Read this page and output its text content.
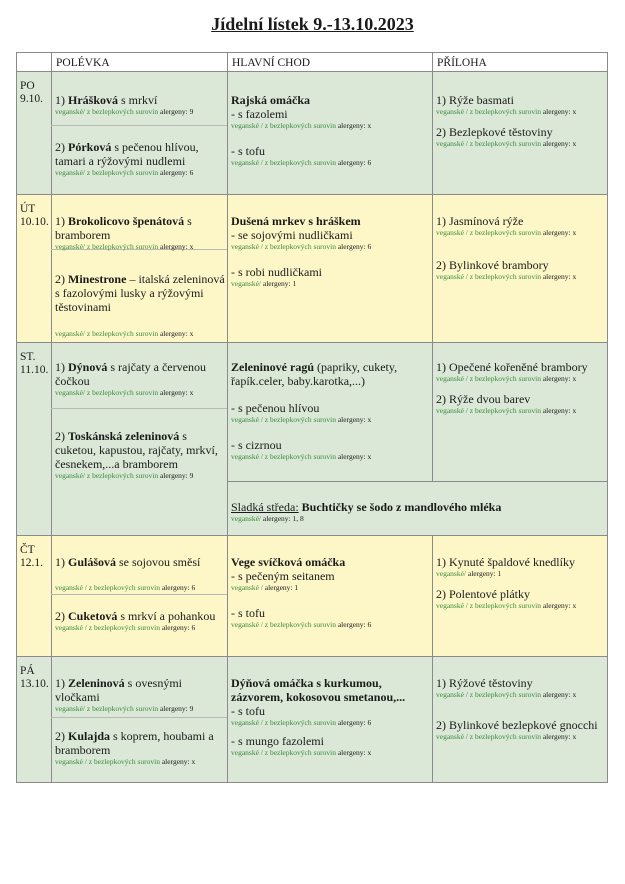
Jídelní lístek 9.-13.10.2023
POLÉVKA	HLAVNÍ CHOD	PŘÍLOHA
PO
9.10.
ÚT
10.10.
ST.
11.10.
ČT
12.1.
PÁ
13.10.
1) Hrášková s mrkví
veganské/ z bezlepkových surovin alergeny: 9
2) Pórková s pečenou hlívou, tamari a rýžovými nudlemi
veganské/ z bezlepkových surovin alergeny: 6
Rajská omáčka
- s fazolemi
veganské / z bezlepkových surovin alergeny: x
- s tofu
veganské / z bezlepkových surovin alergeny: 6
1) Rýže basmati
veganské / z bezlepkových surovin alergeny: x
2) Bezlepkové těstoviny
veganské / z bezlepkových surovin alergeny: x
1) Brokolicovo špenátová s bramborem
veganské/ z bezlepkových surovin alergeny: x
2) Minestrone – italská zeleninová s fazolovými lusky a rýžovými těstovinami
veganské/ z bezlepkových surovin alergeny: x
Dušená mrkev s hráškem
- se sojovými nudličkami
veganské / z bezlepkových surovin alergeny: 6
- s robi nudličkami
veganské/ alergeny: 1
1) Jasmínová rýže
veganské / z bezlepkových surovin alergeny: x
2) Bylinkové brambory
veganské / z bezlepkových surovin alergeny: x
1) Dýnová s rajčaty a červenou čočkou
veganské/ z bezlepkových surovin alergeny: x
2) Toskánská zeleninová s cuketou, kapustou, rajčaty, mrkví, česnekem,...a bramborem
veganské/ z bezlepkových surovin alergeny: 9
Zeleninové ragú (papriky, cukety, řapík.celer, baby.karotka,...)
- s pečenou hlívou
veganské / z bezlepkových surovin alergeny: x
- s cizrnou
veganské / z bezlepkových surovin alergeny: x
1) Opečené kořeněné brambory
veganské / z bezlepkových surovin alergeny: x
2) Rýže dvou barev
veganské / z bezlepkových surovin alergeny: x
Sladká středa: Buchtičky se šodo z mandlového mléka
veganské/ alergeny: 1, 8
1) Gulášová se sojovou směsí
veganské / z bezlepkových surovin alergeny: 6
2) Cuketová s mrkví a pohankou
veganské / z bezlepkových surovin alergeny: 6
Vege svíčková omáčka
- s pečeným seitanem
veganské / alergeny: 1
- s tofu
veganské / z bezlepkových surovin alergeny: 6
1) Kynuté špaldové knedlíky
veganské/ alergeny: 1
2) Polentové plátky
veganské / z bezlepkových surovin alergeny: x
1) Zeleninová s ovesnými vločkami
veganské/ z bezlepkových surovin alergeny: 9
2) Kulajda s koprem, houbami a bramborem
veganské / z bezlepkových surovin alergeny: x
Dýňová omáčka s kurkumou, zázvorem, kokosovou smetanou,...
- s tofu
veganské / z bezlepkových surovin alergeny: 6
- s mungo fazolemi
veganské / z bezlepkových surovin alergeny: x
1) Rýžové těstoviny
veganské / z bezlepkových surovin alergeny: x
2) Bylinkové bezlepkové gnocchi
veganské / z bezlepkových surovin alergeny: x
